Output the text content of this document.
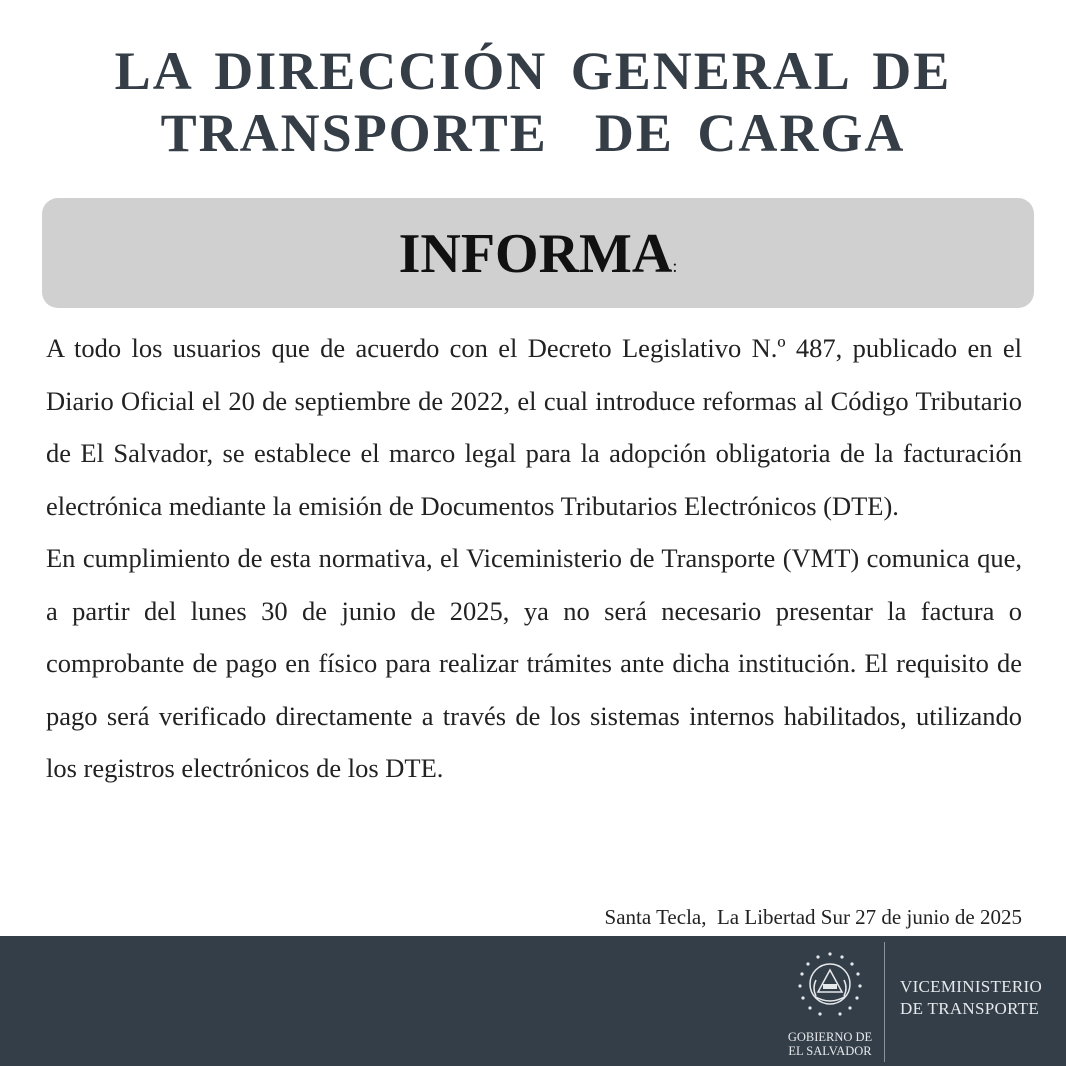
LA DIRECCIÓN GENERAL DE
TRANSPORTE  DE CARGA
INFORMA:

A todo los usuarios que de acuerdo con el Decreto Legislativo N.º 487, publicado en el Diario Oficial el 20 de septiembre de 2022, el cual introduce reformas al Código Tributario de El Salvador, se establece el marco legal para la adopción obligatoria de la facturación electrónica mediante la emisión de Documentos Tributarios Electrónicos (DTE).

En cumplimiento de esta normativa, el Viceministerio de Transporte (VMT) comunica que, a partir del lunes 30 de junio de 2025, ya no será necesario presentar la factura o comprobante de pago en físico para realizar trámites ante dicha institución. El requisito de pago será verificado directamente a través de los sistemas internos habilitados, utilizando los registros electrónicos de los DTE.

Santa Tecla,  La Libertad Sur 27 de junio de 2025
GOBIERNO DE
EL SALVADOR
VICEMINISTERIO
DE TRANSPORTE
